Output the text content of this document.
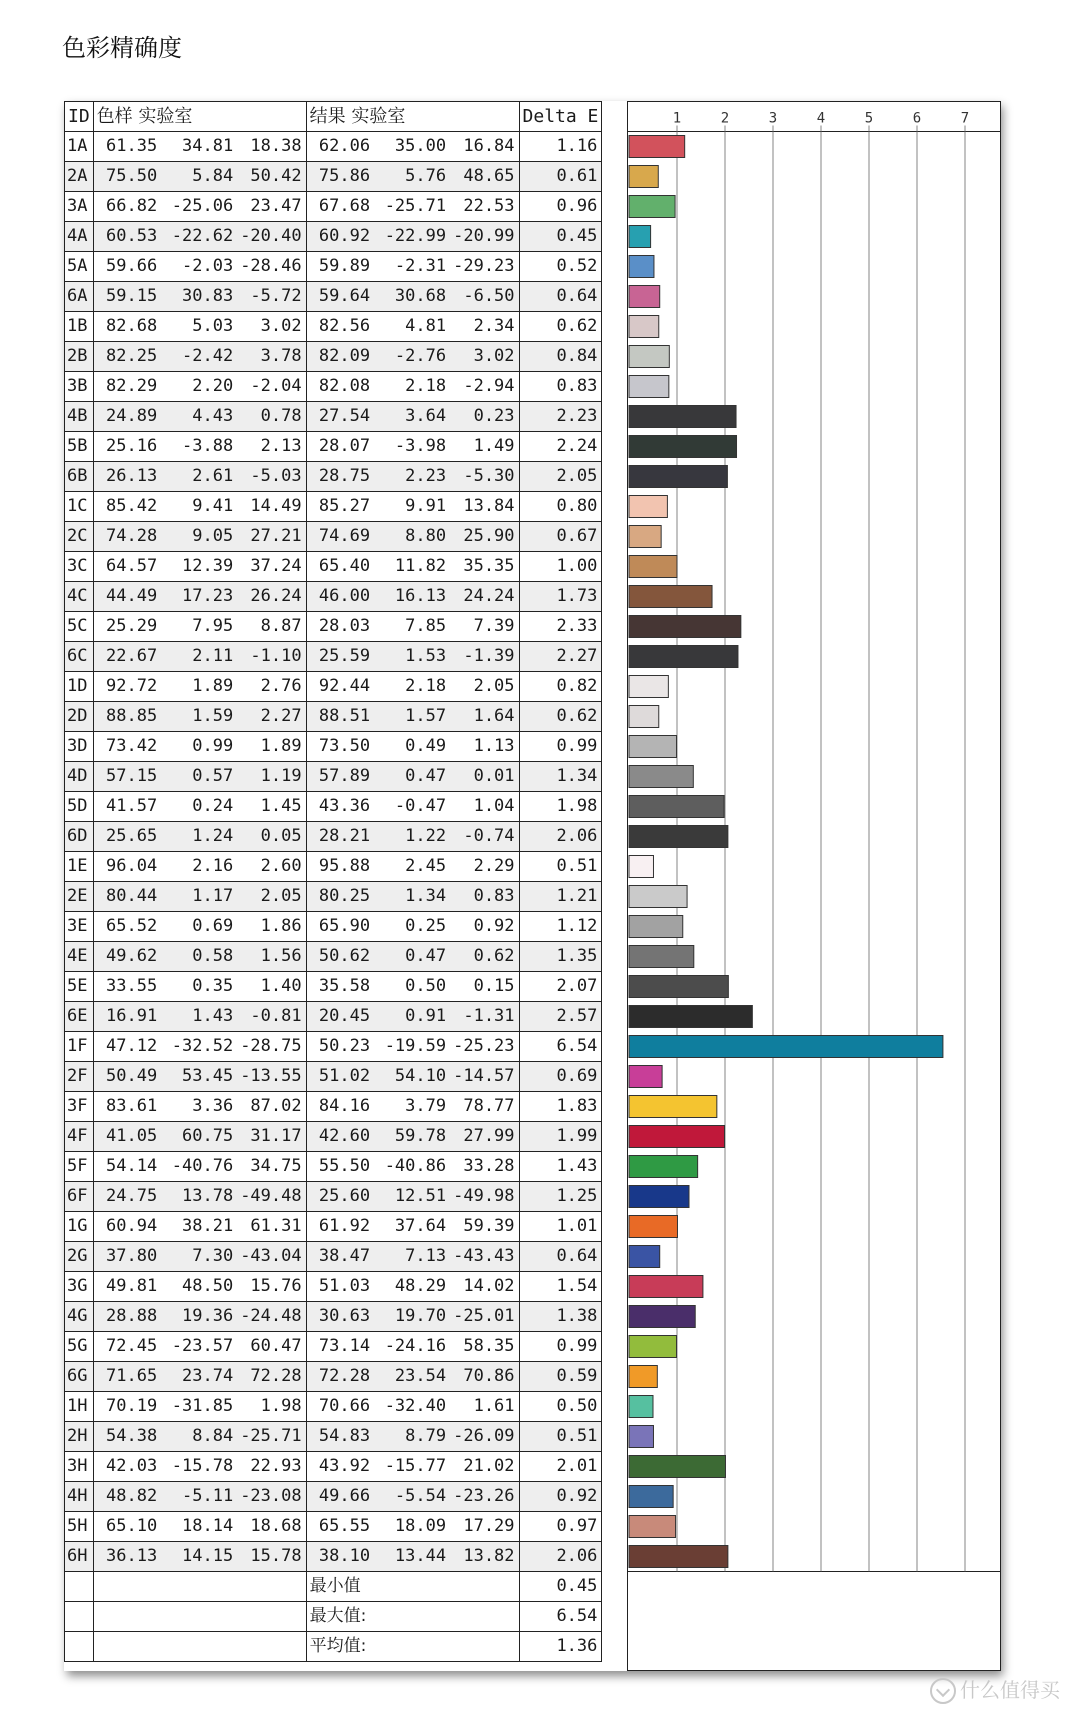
色彩精确度
ID	色样 实验室			结果 实验室			Delta E
1A	61.35	34.81	18.38	62.06	35.00	16.84	1.16
2A	75.50	5.84	50.42	75.86	5.76	48.65	0.61
3A	66.82	-25.06	23.47	67.68	-25.71	22.53	0.96
4A	60.53	-22.62	-20.40	60.92	-22.99	-20.99	0.45
5A	59.66	-2.03	-28.46	59.89	-2.31	-29.23	0.52
6A	59.15	30.83	-5.72	59.64	30.68	-6.50	0.64
1B	82.68	5.03	3.02	82.56	4.81	2.34	0.62
2B	82.25	-2.42	3.78	82.09	-2.76	3.02	0.84
3B	82.29	2.20	-2.04	82.08	2.18	-2.94	0.83
4B	24.89	4.43	0.78	27.54	3.64	0.23	2.23
5B	25.16	-3.88	2.13	28.07	-3.98	1.49	2.24
6B	26.13	2.61	-5.03	28.75	2.23	-5.30	2.05
1C	85.42	9.41	14.49	85.27	9.91	13.84	0.80
2C	74.28	9.05	27.21	74.69	8.80	25.90	0.67
3C	64.57	12.39	37.24	65.40	11.82	35.35	1.00
4C	44.49	17.23	26.24	46.00	16.13	24.24	1.73
5C	25.29	7.95	8.87	28.03	7.85	7.39	2.33
6C	22.67	2.11	-1.10	25.59	1.53	-1.39	2.27
1D	92.72	1.89	2.76	92.44	2.18	2.05	0.82
2D	88.85	1.59	2.27	88.51	1.57	1.64	0.62
3D	73.42	0.99	1.89	73.50	0.49	1.13	0.99
4D	57.15	0.57	1.19	57.89	0.47	0.01	1.34
5D	41.57	0.24	1.45	43.36	-0.47	1.04	1.98
6D	25.65	1.24	0.05	28.21	1.22	-0.74	2.06
1E	96.04	2.16	2.60	95.88	2.45	2.29	0.51
2E	80.44	1.17	2.05	80.25	1.34	0.83	1.21
3E	65.52	0.69	1.86	65.90	0.25	0.92	1.12
4E	49.62	0.58	1.56	50.62	0.47	0.62	1.35
5E	33.55	0.35	1.40	35.58	0.50	0.15	2.07
6E	16.91	1.43	-0.81	20.45	0.91	-1.31	2.57
1F	47.12	-32.52	-28.75	50.23	-19.59	-25.23	6.54
2F	50.49	53.45	-13.55	51.02	54.10	-14.57	0.69
3F	83.61	3.36	87.02	84.16	3.79	78.77	1.83
4F	41.05	60.75	31.17	42.60	59.78	27.99	1.99
5F	54.14	-40.76	34.75	55.50	-40.86	33.28	1.43
6F	24.75	13.78	-49.48	25.60	12.51	-49.98	1.25
1G	60.94	38.21	61.31	61.92	37.64	59.39	1.01
2G	37.80	7.30	-43.04	38.47	7.13	-43.43	0.64
3G	49.81	48.50	15.76	51.03	48.29	14.02	1.54
4G	28.88	19.36	-24.48	30.63	19.70	-25.01	1.38
5G	72.45	-23.57	60.47	73.14	-24.16	58.35	0.99
6G	71.65	23.74	72.28	72.28	23.54	70.86	0.59
1H	70.19	-31.85	1.98	70.66	-32.40	1.61	0.50
2H	54.38	8.84	-25.71	54.83	8.79	-26.09	0.51
3H	42.03	-15.78	22.93	43.92	-15.77	21.02	2.01
4H	48.82	-5.11	-23.08	49.66	-5.54	-23.26	0.92
5H	65.10	18.14	18.68	65.55	18.09	17.29	0.97
6H	36.13	14.15	15.78	38.10	13.44	13.82	2.06
				最小值			0.45
				最大值:			6.54
				平均值:			1.36
1	2	3	4	5	6	7
什么值得买
